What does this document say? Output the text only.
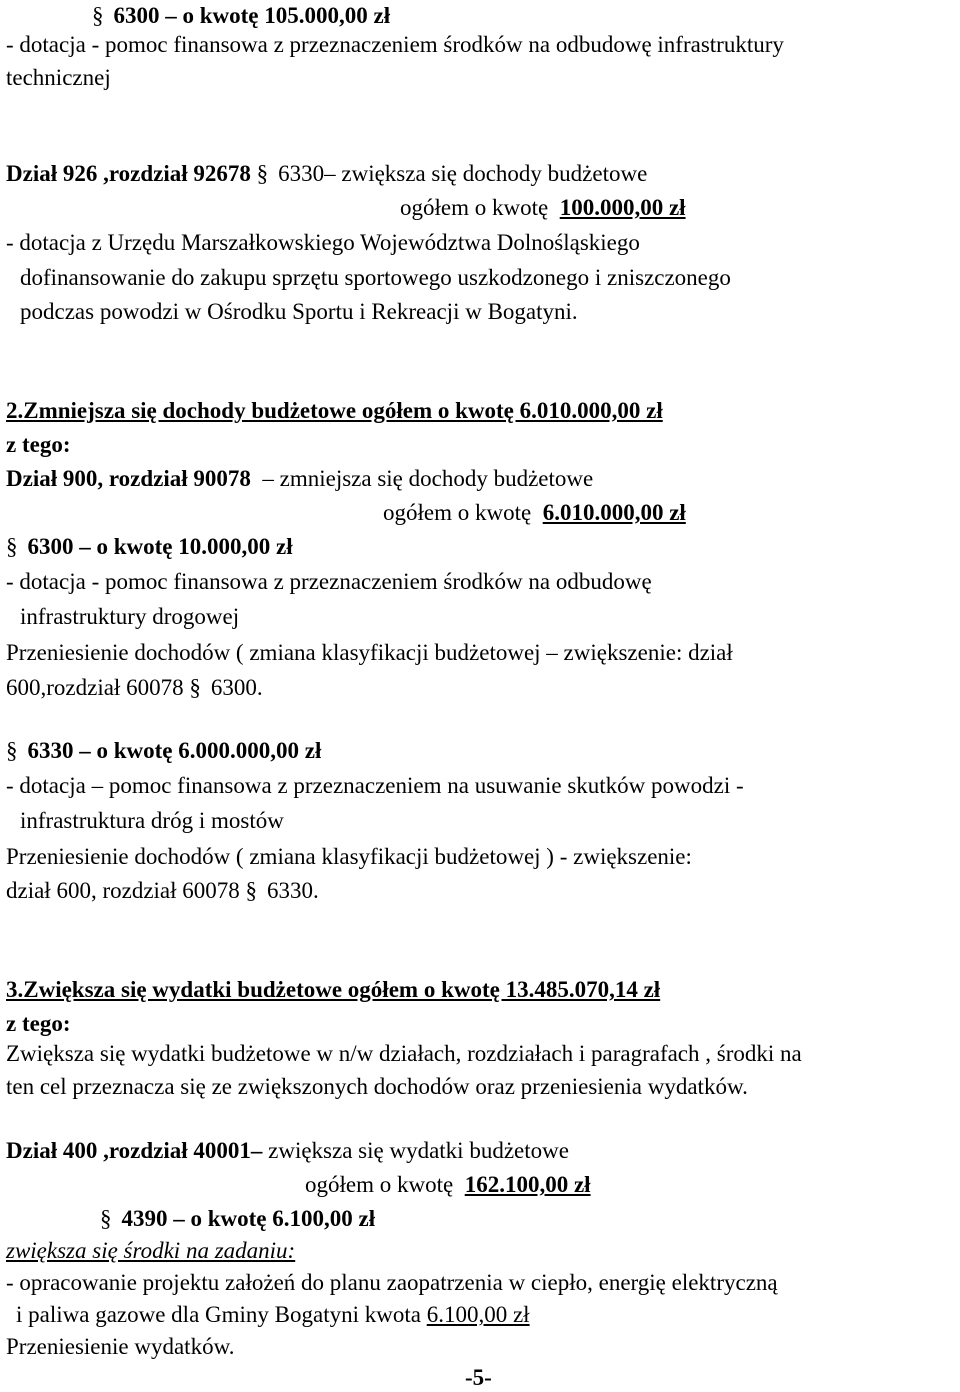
§ 6300 – o kwotę 105.000,00 zł
- dotacja - pomoc finansowa z przeznaczeniem środków na odbudowę infrastruktury
technicznej
Dział 926 ,rozdział 92678 § 6330– zwiększa się dochody budżetowe
ogółem o kwotę 100.000,00 zł
- dotacja z Urzędu Marszałkowskiego Województwa Dolnośląskiego
dofinansowanie do zakupu sprzętu sportowego uszkodzonego i zniszczonego
podczas powodzi w Ośrodku Sportu i Rekreacji w Bogatyni.
2.Zmniejsza się dochody budżetowe ogółem o kwotę 6.010.000,00 zł
z tego:
Dział 900, rozdział 90078 – zmniejsza się dochody budżetowe
ogółem o kwotę 6.010.000,00 zł
§ 6300 – o kwotę 10.000,00 zł
- dotacja - pomoc finansowa z przeznaczeniem środków na odbudowę
infrastruktury drogowej
Przeniesienie dochodów ( zmiana klasyfikacji budżetowej – zwiększenie: dział
600,rozdział 60078 § 6300.
§ 6330 – o kwotę 6.000.000,00 zł
- dotacja – pomoc finansowa z przeznaczeniem na usuwanie skutków powodzi -
infrastruktura dróg i mostów
Przeniesienie dochodów ( zmiana klasyfikacji budżetowej ) - zwiększenie:
dział 600, rozdział 60078 § 6330.
3.Zwiększa się wydatki budżetowe ogółem o kwotę 13.485.070,14 zł
z tego:
Zwiększa się wydatki budżetowe w n/w działach, rozdziałach i paragrafach , środki na
ten cel przeznacza się ze zwiększonych dochodów oraz przeniesienia wydatków.
Dział 400 ,rozdział 40001– zwiększa się wydatki budżetowe
ogółem o kwotę 162.100,00 zł
§ 4390 – o kwotę 6.100,00 zł
zwiększa się środki na zadaniu:
- opracowanie projektu założeń do planu zaopatrzenia w ciepło, energię elektryczną
i paliwa gazowe dla Gminy Bogatyni kwota 6.100,00 zł
Przeniesienie wydatków.
-5-
